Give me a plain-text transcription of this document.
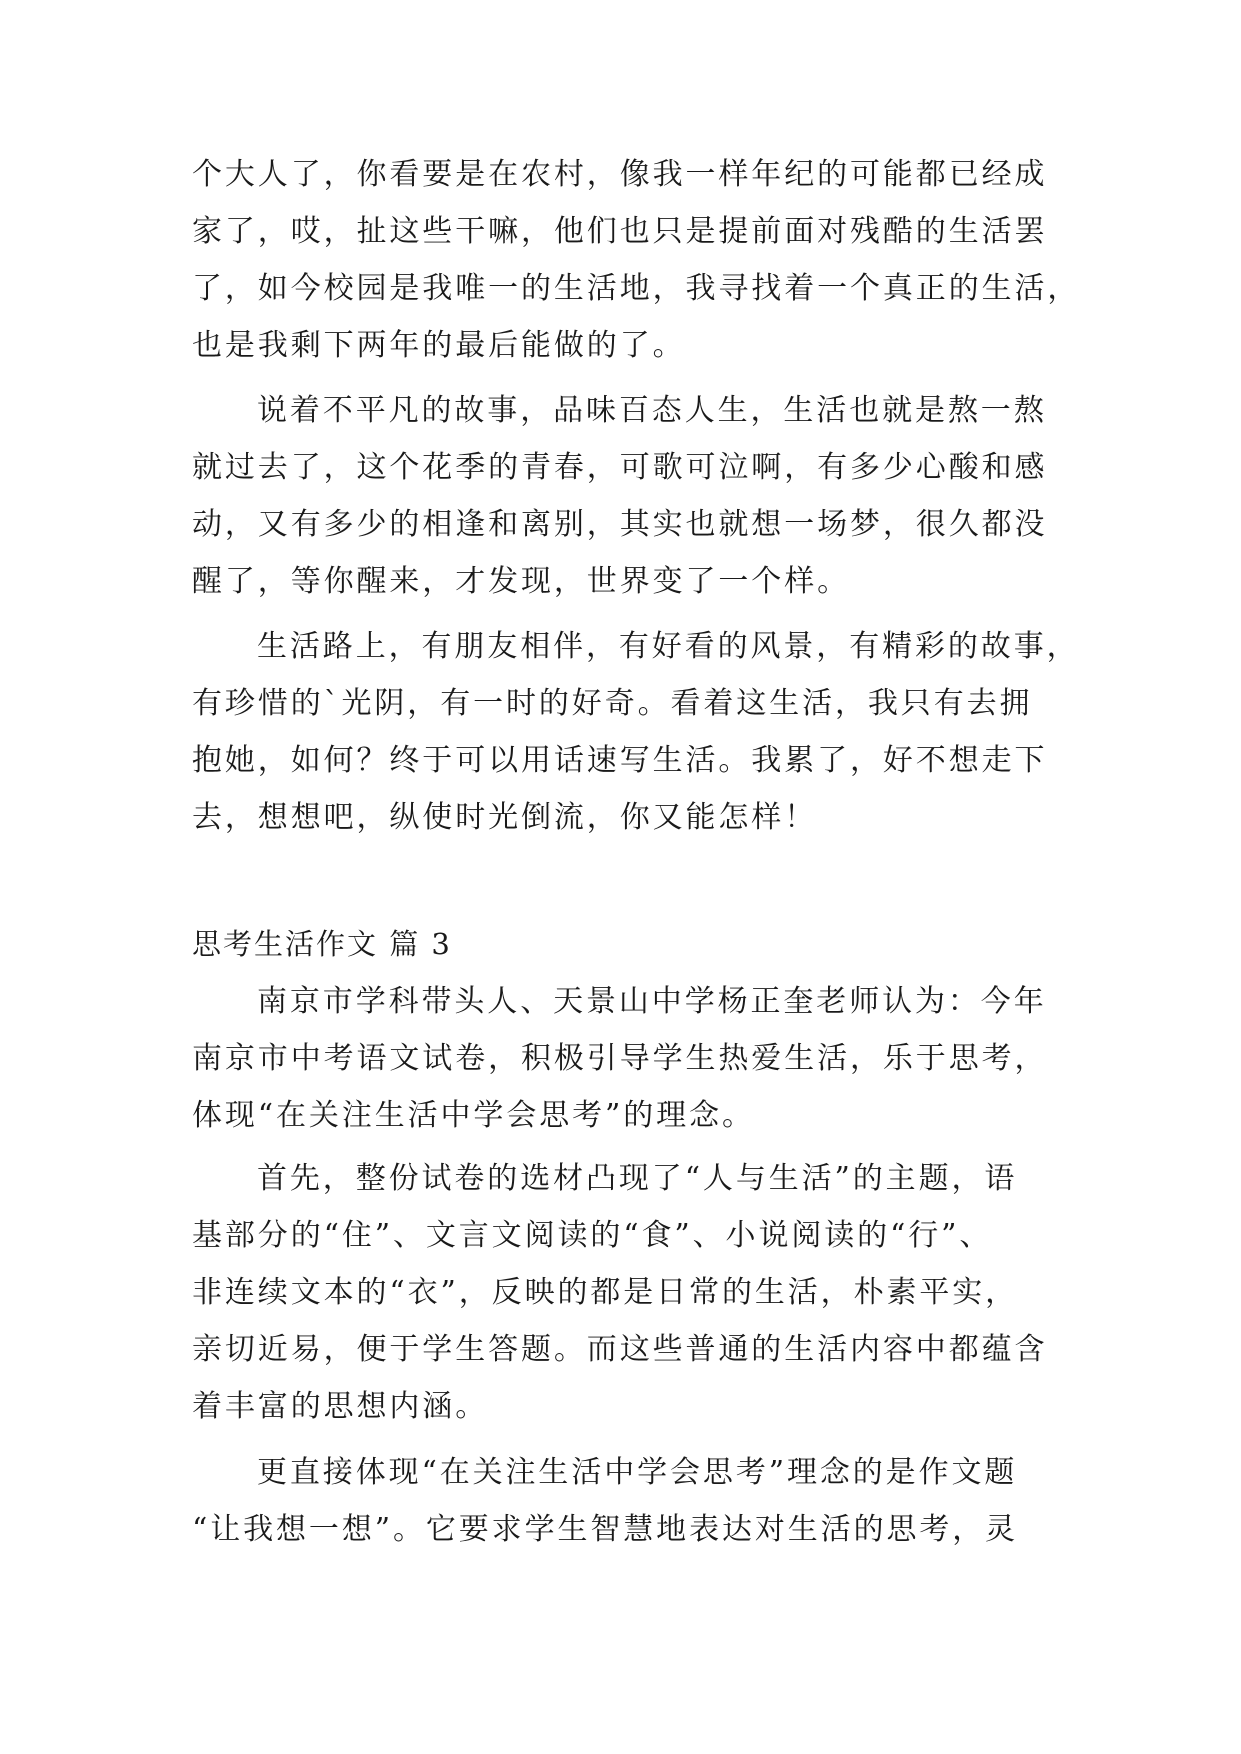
个大人了，你看要是在农村，像我一样年纪的可能都已经成
家了，哎，扯这些干嘛，他们也只是提前面对残酷的生活罢
了，如今校园是我唯一的生活地，我寻找着一个真正的生活，
也是我剩下两年的最后能做的了。
说着不平凡的故事，品味百态人生，生活也就是熬一熬
就过去了，这个花季的青春，可歌可泣啊，有多少心酸和感
动，又有多少的相逢和离别，其实也就想一场梦，很久都没
醒了，等你醒来，才发现，世界变了一个样。
生活路上，有朋友相伴，有好看的风景，有精彩的故事，
有珍惜的`光阴，有一时的好奇。看着这生活，我只有去拥
抱她，如何？终于可以用话速写生活。我累了，好不想走下
去，想想吧，纵使时光倒流，你又能怎样！
思考生活作文 篇 3
南京市学科带头人、天景山中学杨正奎老师认为：今年
南京市中考语文试卷，积极引导学生热爱生活，乐于思考，
体现“在关注生活中学会思考”的理念。
首先，整份试卷的选材凸现了“人与生活”的主题，语
基部分的“住”、文言文阅读的“食”、小说阅读的“行”、
非连续文本的“衣”，反映的都是日常的生活，朴素平实，
亲切近易，便于学生答题。而这些普通的生活内容中都蕴含
着丰富的思想内涵。
更直接体现“在关注生活中学会思考”理念的是作文题
“让我想一想”。它要求学生智慧地表达对生活的思考，灵
